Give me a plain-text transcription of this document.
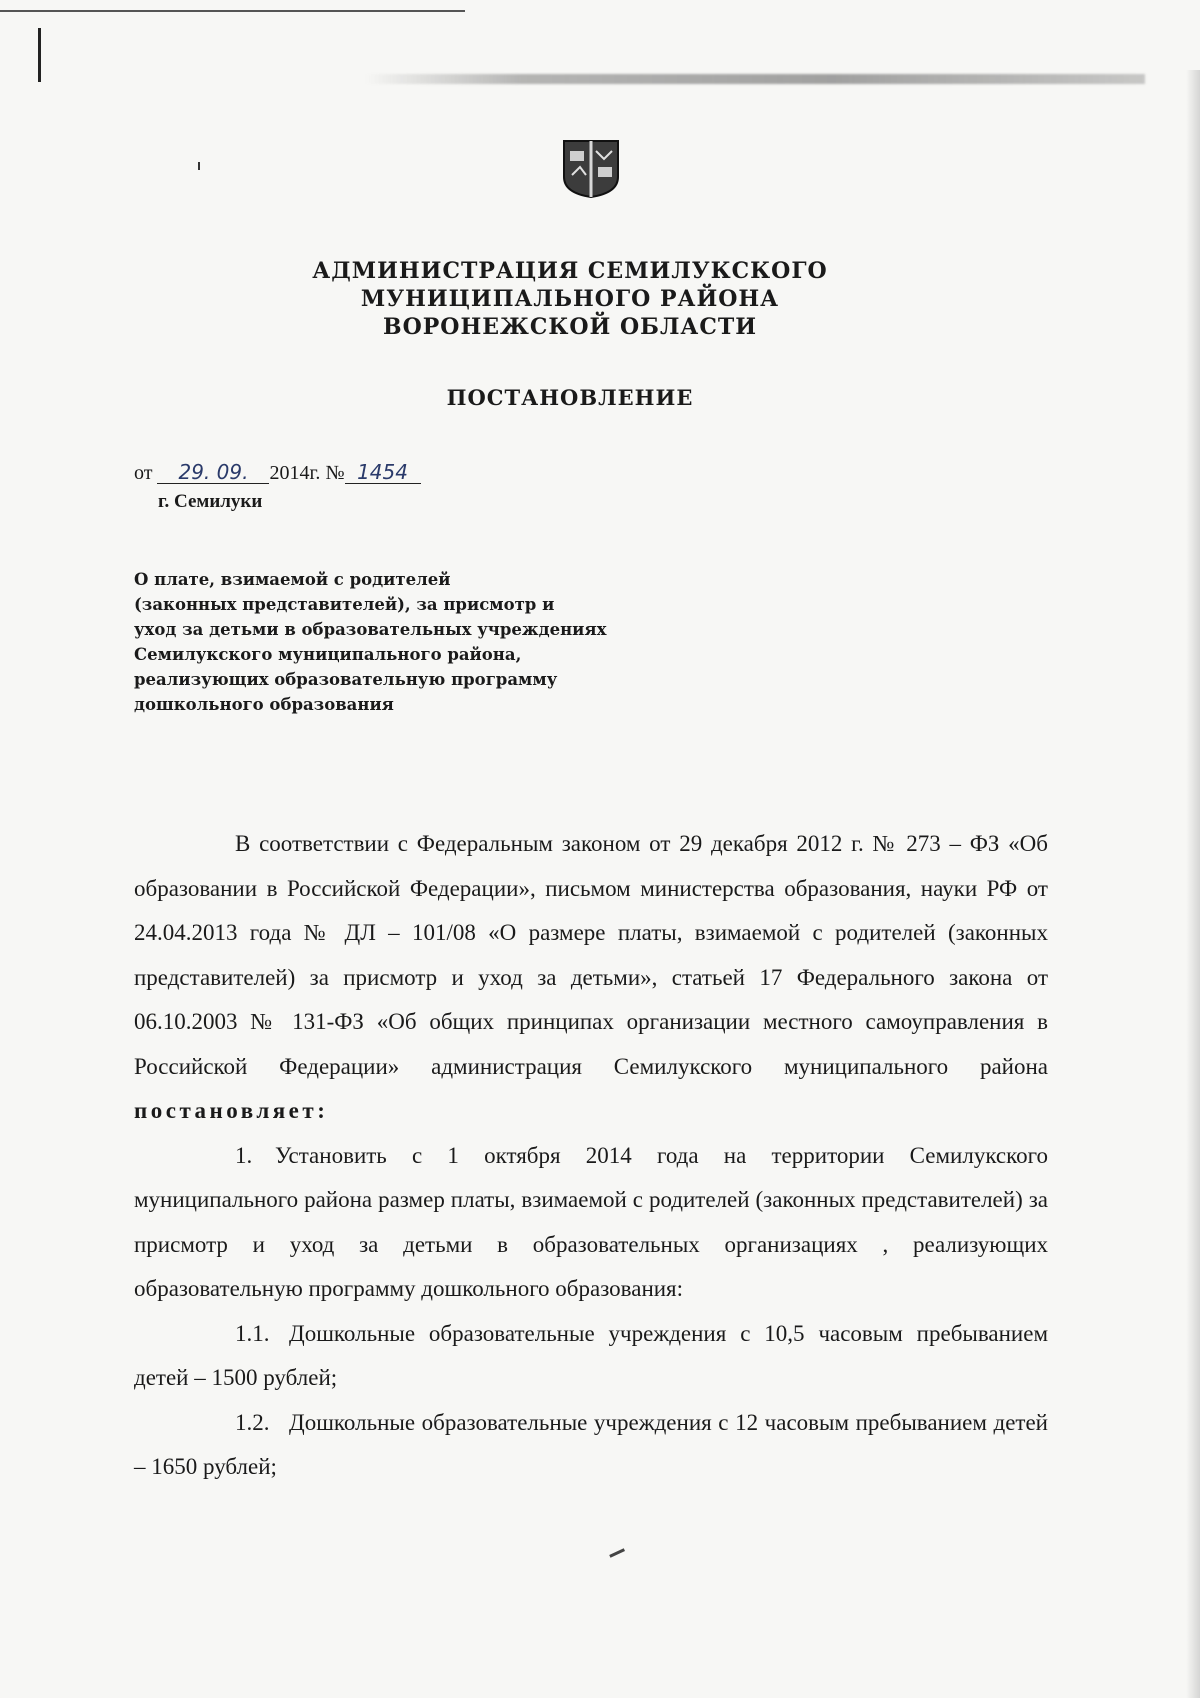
АДМИНИСТРАЦИЯ СЕМИЛУКСКОГО
МУНИЦИПАЛЬНОГО РАЙОНА
ВОРОНЕЖСКОЙ ОБЛАСТИ
ПОСТАНОВЛЕНИЕ
от 29. 09. 2014г. № 1454
г. Семилуки
О плате, взимаемой с родителей
(законных представителей), за присмотр и
уход за детьми в образовательных учреждениях
Семилукского муниципального района,
реализующих образовательную программу
дошкольного образования

В соответствии с Федеральным законом от 29 декабря 2012 г. № 273 – ФЗ «Об образовании в Российской Федерации», письмом министерства образования, науки РФ от 24.04.2013 года № ДЛ – 101/08 «О размере платы, взимаемой с родителей (законных представителей) за присмотр и уход за детьми», статьей 17 Федерального закона от 06.10.2003 № 131-ФЗ «Об общих принципах организации местного самоуправления в Российской Федерации» администрация Семилукского муниципального района постановляет:

1. Установить с 1 октября 2014 года на территории Семилукского муниципального района размер платы, взимаемой с родителей (законных представителей) за присмотр и уход за детьми в образовательных организациях , реализующих образовательную программу дошкольного образования:

1.1. Дошкольные образовательные учреждения с 10,5 часовым пребыванием детей – 1500 рублей;

1.2. Дошкольные образовательные учреждения с 12 часовым пребыванием детей – 1650 рублей;
